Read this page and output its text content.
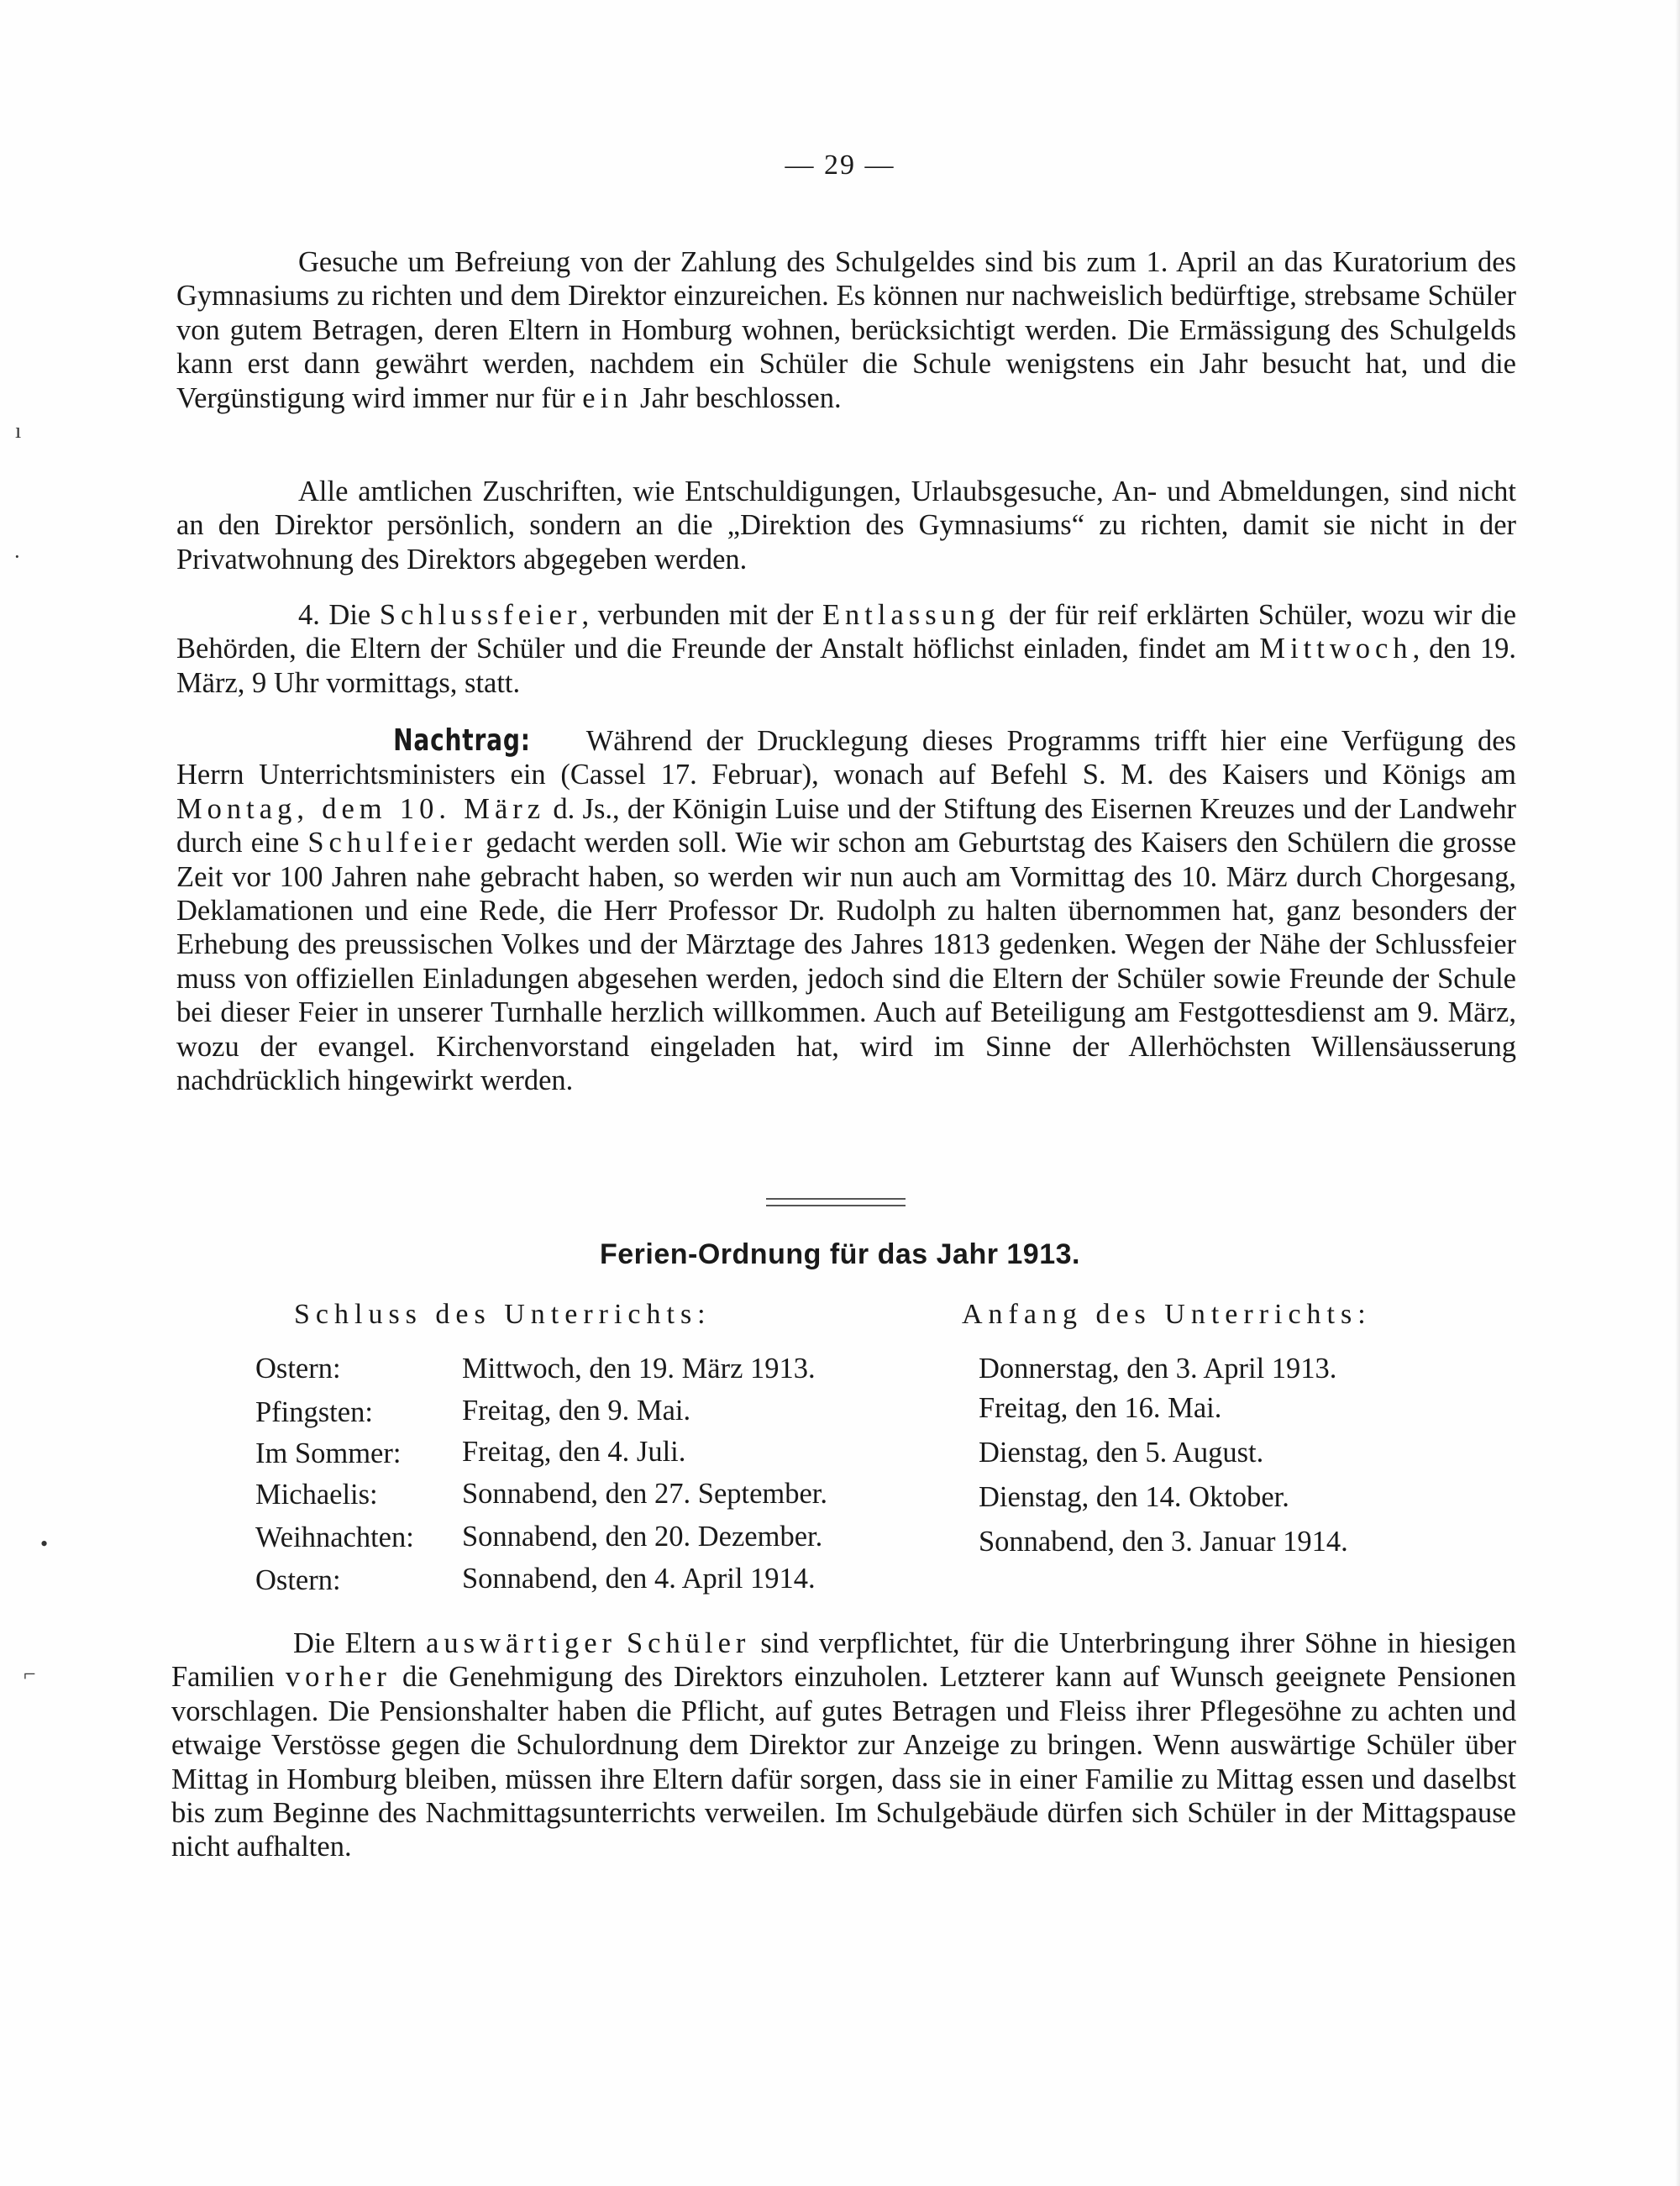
— 29 —

Gesuche um Befreiung von der Zahlung des Schulgeldes sind bis zum 1. April an das Kuratorium des Gymnasiums zu richten und dem Direktor einzureichen. Es können nur nachweislich bedürftige, strebsame Schüler von gutem Betragen, deren Eltern in Homburg wohnen, berücksichtigt werden. Die Ermässigung des Schulgelds kann erst dann gewährt werden, nachdem ein Schüler die Schule wenigstens ein Jahr besucht hat, und die Vergünstigung wird immer nur für ein Jahr beschlossen.

Alle amtlichen Zuschriften, wie Entschuldigungen, Urlaubsgesuche, An- und Abmeldungen, sind nicht an den Direktor persönlich, sondern an die „Direktion des Gymnasiums“ zu richten, damit sie nicht in der Privatwohnung des Direktors abgegeben werden.

4. Die Schlussfeier, verbunden mit der Entlassung der für reif erklärten Schüler, wozu wir die Behörden, die Eltern der Schüler und die Freunde der Anstalt höflichst einladen, findet am Mittwoch, den 19. März, 9 Uhr vormittags, statt.

Nachtrag: Während der Drucklegung dieses Programms trifft hier eine Verfügung des Herrn Unterrichtsministers ein (Cassel 17. Februar), wonach auf Befehl S. M. des Kaisers und Königs am Montag, dem 10. März d. Js., der Königin Luise und der Stiftung des Eisernen Kreuzes und der Landwehr durch eine Schulfeier gedacht werden soll. Wie wir schon am Geburtstag des Kaisers den Schülern die grosse Zeit vor 100 Jahren nahe gebracht haben, so werden wir nun auch am Vormittag des 10. März durch Chorgesang, Deklamationen und eine Rede, die Herr Professor Dr. Rudolph zu halten übernommen hat, ganz besonders der Erhebung des preussischen Volkes und der Märztage des Jahres 1813 gedenken. Wegen der Nähe der Schlussfeier muss von offiziellen Einladungen abgesehen werden, jedoch sind die Eltern der Schüler sowie Freunde der Schule bei dieser Feier in unserer Turnhalle herzlich willkommen. Auch auf Beteiligung am Festgottesdienst am 9. März, wozu der evangel. Kirchenvorstand eingeladen hat, wird im Sinne der Allerhöchsten Willensäusserung nachdrücklich hingewirkt werden.

Ferien-Ordnung für das Jahr 1913.
Schluss des Unterrichts:	Anfang des Unterrichts:
Ostern:	Mittwoch, den 19. März 1913.	Donnerstag, den 3. April 1913.
Pfingsten:	Freitag, den 9. Mai.	Freitag, den 16. Mai.
Im Sommer: Freitag, den 4. Juli.	Dienstag, den 5. August.
Michaelis:	Sonnabend, den 27. September.	Dienstag, den 14. Oktober.
Weihnachten: Sonnabend, den 20. Dezember.	Sonnabend, den 3. Januar 1914.
Ostern:	Sonnabend, den 4. April 1914.

Die Eltern auswärtiger Schüler sind verpflichtet, für die Unterbringung ihrer Söhne in hiesigen Familien vorher die Genehmigung des Direktors einzuholen. Letzterer kann auf Wunsch geeignete Pensionen vorschlagen. Die Pensionshalter haben die Pflicht, auf gutes Betragen und Fleiss ihrer Pflegesöhne zu achten und etwaige Verstösse gegen die Schulordnung dem Direktor zur Anzeige zu bringen. Wenn auswärtige Schüler über Mittag in Homburg bleiben, müssen ihre Eltern dafür sorgen, dass sie in einer Familie zu Mittag essen und daselbst bis zum Beginne des Nachmittagsunterrichts verweilen. Im Schulgebäude dürfen sich Schüler in der Mittagspause nicht aufhalten.

ı
·
•
⌐
